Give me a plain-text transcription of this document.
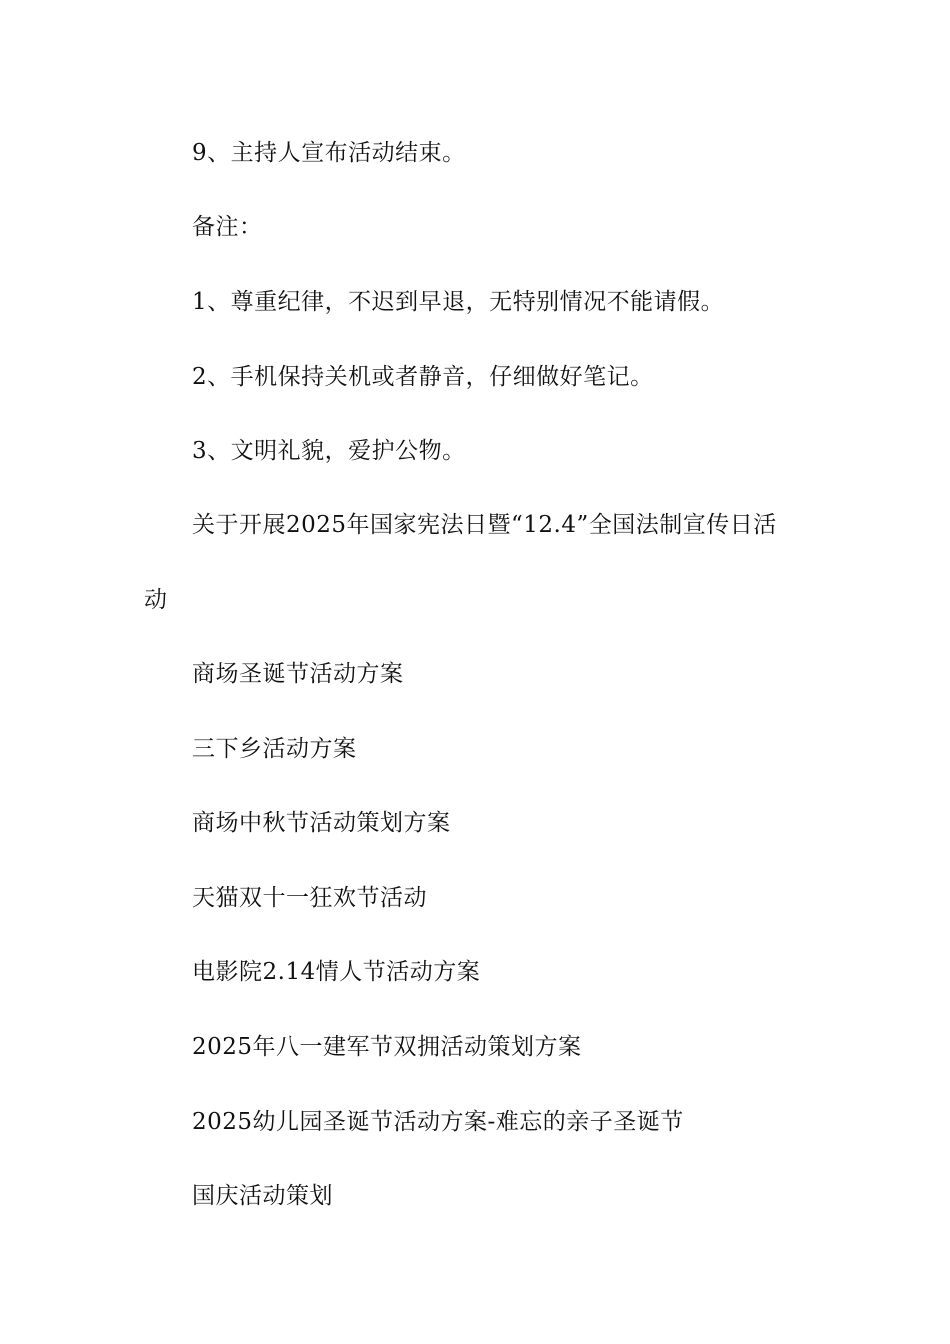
9、主持人宣布活动结束。
备注：
1、尊重纪律，不迟到早退，无特别情况不能请假。
2、手机保持关机或者静音，仔细做好笔记。
3、文明礼貌，爱护公物。
关于开展2025年国家宪法日暨“12.4”全国法制宣传日活
动
商场圣诞节活动方案
三下乡活动方案
商场中秋节活动策划方案
天猫双十一狂欢节活动
电影院2.14情人节活动方案
2025年八一建军节双拥活动策划方案
2025幼儿园圣诞节活动方案-难忘的亲子圣诞节
国庆活动策划
